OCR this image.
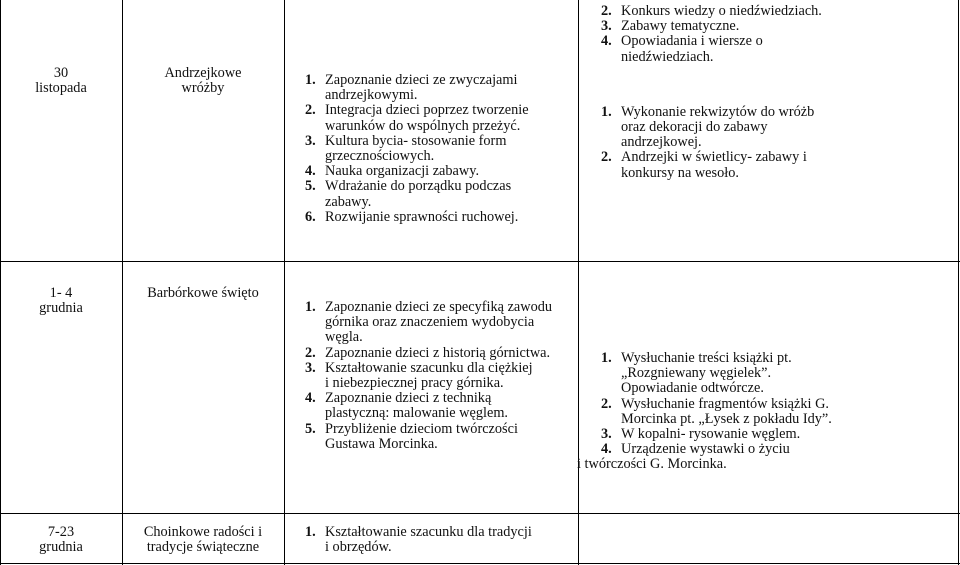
30
listopada
Andrzejkowe
wróżby
1. Zapoznanie dzieci ze zwyczajami
andrzejkowymi.
2. Integracja dzieci poprzez tworzenie
warunków do wspólnych przeżyć.
3. Kultura bycia- stosowanie form
grzecznościowych.
4. Nauka organizacji zabawy.
5. Wdrażanie do porządku podczas
zabawy.
6. Rozwijanie sprawności ruchowej.
2. Konkurs wiedzy o niedźwiedziach.
3. Zabawy tematyczne.
4. Opowiadania i wiersze o
niedźwiedziach.
1. Wykonanie rekwizytów do wróżb
oraz dekoracji do zabawy
andrzejkowej.
2. Andrzejki w świetlicy- zabawy i
konkursy na wesoło.
1- 4
grudnia
Barbórkowe święto
1. Zapoznanie dzieci ze specyfiką zawodu
górnika oraz znaczeniem wydobycia
węgla.
2. Zapoznanie dzieci z historią górnictwa.
3. Kształtowanie szacunku dla ciężkiej
i niebezpiecznej pracy górnika.
4. Zapoznanie dzieci z techniką
plastyczną: malowanie węglem.
5. Przybliżenie dzieciom twórczości
Gustawa Morcinka.
1. Wysłuchanie treści książki pt.
„Rozgniewany węgielek”.
Opowiadanie odtwórcze.
2. Wysłuchanie fragmentów książki G.
Morcinka pt. „Łysek z pokładu Idy”.
3. W kopalni- rysowanie węglem.
4. Urządzenie wystawki o życiu
i twórczości G. Morcinka.
7-23
grudnia
Choinkowe radości i
tradycje świąteczne
1. Kształtowanie szacunku dla tradycji
i obrzędów.
